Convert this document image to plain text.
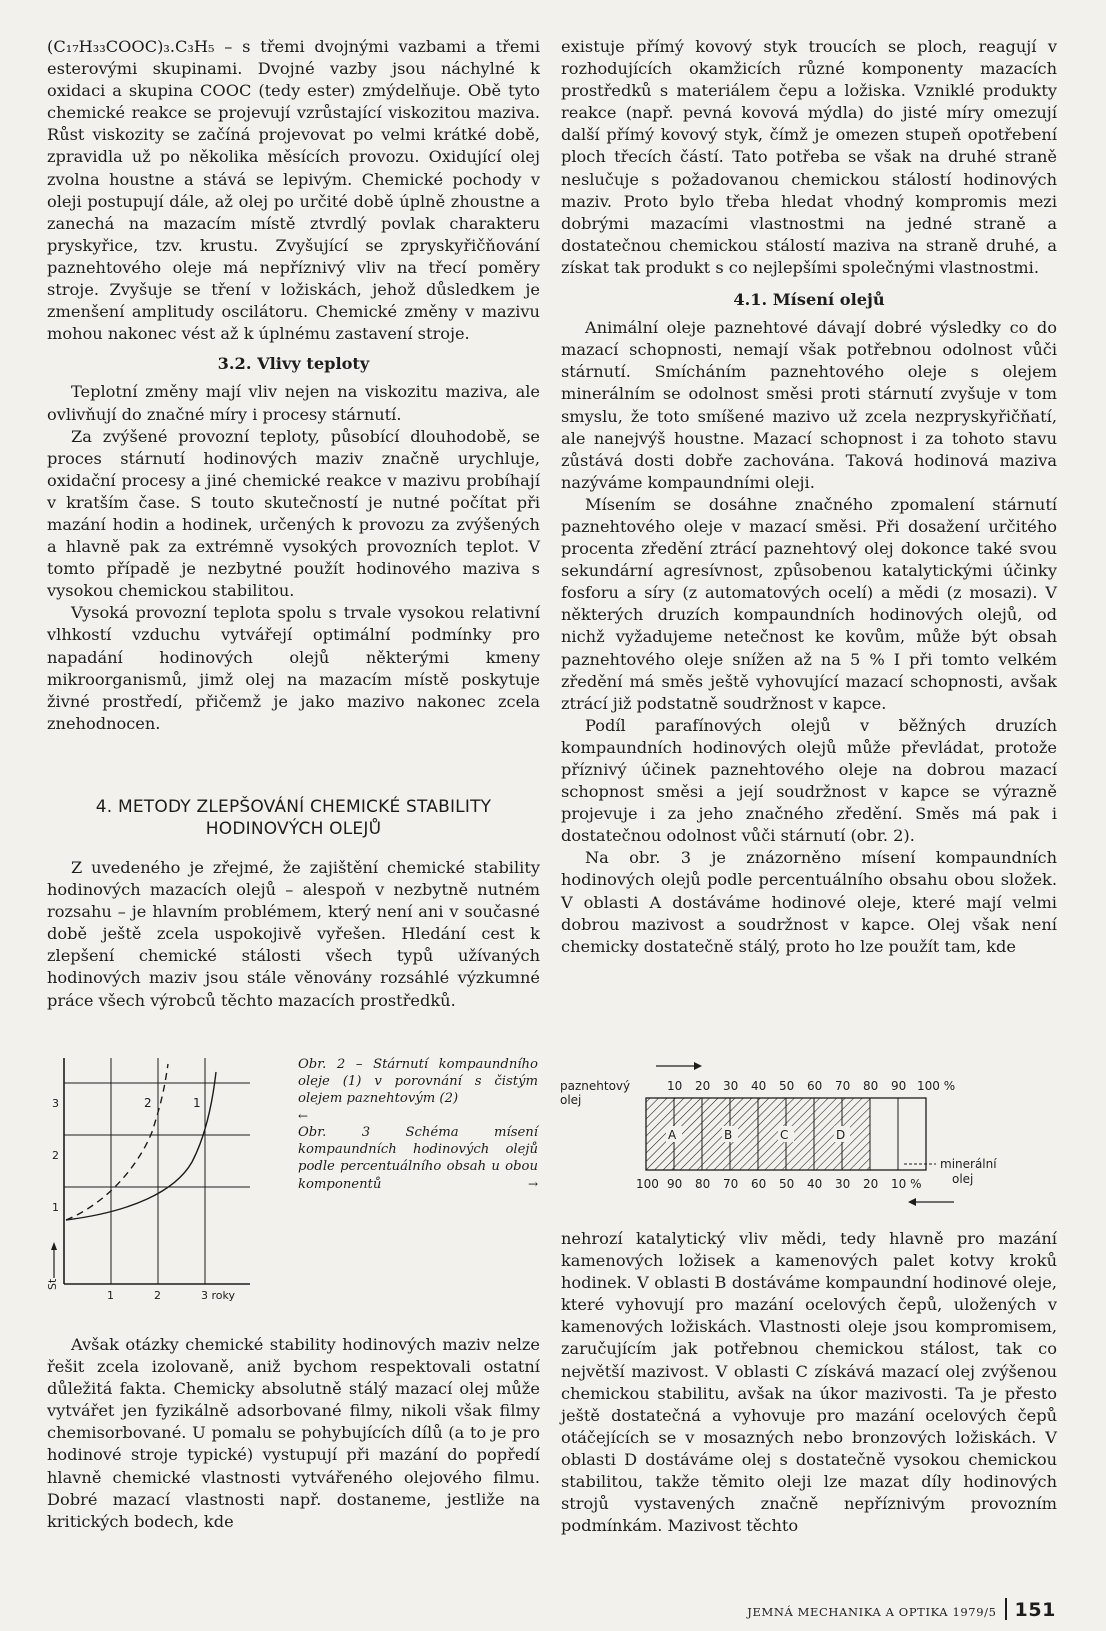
(C₁₇H₃₃COOC)₃.C₃H₅ – s třemi dvojnými vazbami a třemi esterovými skupinami. Dvojné vazby jsou náchylné k oxidaci a skupina COOC (tedy ester) zmýdelňuje. Obě tyto chemické reakce se projevují vzrůstající viskozitou maziva. Růst viskozity se začíná projevovat po velmi krátké době, zpravidla už po několika měsících provozu. Oxidující olej zvolna houstne a stává se lepivým. Chemické pochody v oleji postupují dále, až olej po určité době úplně zhoustne a zanechá na mazacím místě ztvrdlý povlak charakteru pryskyřice, tzv. krustu. Zvyšující se zpryskyřičňování paznehtového oleje má nepříznivý vliv na třecí poměry stroje. Zvyšuje se tření v ložiskách, jehož důsledkem je zmenšení amplitudy oscilátoru. Chemické změny v mazivu mohou nakonec vést až k úplnému zastavení stroje.

3.2. Vlivy teploty

Teplotní změny mají vliv nejen na viskozitu maziva, ale ovlivňují do značné míry i procesy stárnutí.

Za zvýšené provozní teploty, působící dlouhodobě, se proces stárnutí hodinových maziv značně urychluje, oxidační procesy a jiné chemické reakce v mazivu probíhají v kratším čase. S touto skutečností je nutné počítat při mazání hodin a hodinek, určených k provozu za zvýšených a hlavně pak za extrémně vysokých provozních teplot. V tomto případě je nezbytné použít hodinového maziva s vysokou chemickou stabilitou.

Vysoká provozní teplota spolu s trvale vysokou relativní vlhkostí vzduchu vytvářejí optimální podmínky pro napadání hodinových olejů některými kmeny mikroorganismů, jimž olej na mazacím místě poskytuje živné prostředí, přičemž je jako mazivo nakonec zcela znehodnocen.

4. METODY ZLEPŠOVÁNÍ CHEMICKÉ STABILITY
HODINOVÝCH OLEJŮ

Z uvedeného je zřejmé, že zajištění chemické stability hodinových mazacích olejů – alespoň v nezbytně nutném rozsahu – je hlavním problémem, který není ani v současné době ještě zcela uspokojivě vyřešen. Hledání cest k zlepšení chemické stálosti všech typů užívaných hodinových maziv jsou stále věnovány rozsáhlé výzkumné práce všech výrobců těchto mazacích prostředků.

1
2
3
1	2	3 roky
St
2	1
Obr. 2 – Stárnutí kompaundního oleje (1) v porovnání s čistým olejem paznehtovým (2)
←
Obr. 3 Schéma mísení kompaundních hodinových olejů podle percentuálního obsah u obou komponentů	→

Avšak otázky chemické stability hodinových maziv nelze řešit zcela izolovaně, aniž bychom respektovali ostatní důležitá fakta. Chemicky absolutně stálý mazací olej může vytvářet jen fyzikálně adsorbované filmy, nikoli však filmy chemisorbované. U pomalu se pohybujících dílů (a to je pro hodinové stroje typické) vystupují při mazání do popředí hlavně chemické vlastnosti vytvářeného olejového filmu. Dobré mazací vlastnosti např. dostaneme, jestliže na kritických bodech, kde

existuje přímý kovový styk troucích se ploch, reagují v rozhodujících okamžicích různé komponenty mazacích prostředků s materiálem čepu a ložiska. Vzniklé produkty reakce (např. pevná kovová mýdla) do jisté míry omezují další přímý kovový styk, čímž je omezen stupeň opotřebení ploch třecích částí. Tato potřeba se však na druhé straně neslučuje s požadovanou chemickou stálostí hodinových maziv. Proto bylo třeba hledat vhodný kompromis mezi dobrými mazacími vlastnostmi na jedné straně a dostatečnou chemickou stálostí maziva na straně druhé, a získat tak produkt s co nejlepšími společnými vlastnostmi.

4.1. Mísení olejů

Animální oleje paznehtové dávají dobré výsledky co do mazací schopnosti, nemají však potřebnou odolnost vůči stárnutí. Smícháním paznehtového oleje s olejem minerálním se odolnost směsi proti stárnutí zvyšuje v tom smyslu, že toto smíšené mazivo už zcela nezpryskyřičňatí, ale nanejvýš houstne. Mazací schopnost i za tohoto stavu zůstává dosti dobře zachována. Taková hodinová maziva nazýváme kompaundními oleji.

Mísením se dosáhne značného zpomalení stárnutí paznehtového oleje v mazací směsi. Při dosažení určitého procenta zředění ztrácí paznehtový olej dokonce také svou sekundární agresívnost, způsobenou katalytickými účinky fosforu a síry (z automatových ocelí) a mědi (z mosazi). V některých druzích kompaundních hodinových olejů, od nichž vyžadujeme netečnost ke kovům, může být obsah paznehtového oleje snížen až na 5 % I při tomto velkém zředění má směs ještě vyhovující mazací schopnosti, avšak ztrácí již podstatně soudržnost v kapce.

Podíl parafínových olejů v běžných druzích kompaundních hodinových olejů může převládat, protože příznivý účinek paznehtového oleje na dobrou mazací schopnost směsi a její soudržnost v kapce se výrazně projevuje i za jeho značného zředění. Směs má pak i dostatečnou odolnost vůči stárnutí (obr. 2).

Na obr. 3 je znázorněno mísení kompaundních hodinových olejů podle percentuálního obsahu obou složek. V oblasti A dostáváme hodinové oleje, které mají velmi dobrou mazivost a soudržnost v kapce. Olej však není chemicky dostatečně stálý, proto ho lze použít tam, kde

paznehtový
olej
A	B	C	D
10 20 30 40 50 60 70 80 90 100 %
100 90 80 70 60 50 40 30 20 10 %
minerální
olej

nehrozí katalytický vliv mědi, tedy hlavně pro mazání kamenových ložisek a kamenových palet kotvy kroků hodinek. V oblasti B dostáváme kompaundní hodinové oleje, které vyhovují pro mazání ocelových čepů, uložených v kamenových ložiskách. Vlastnosti oleje jsou kompromisem, zaručujícím jak potřebnou chemickou stálost, tak co největší mazivost. V oblasti C získává mazací olej zvýšenou chemickou stabilitu, avšak na úkor mazivosti. Ta je přesto ještě dostatečná a vyhovuje pro mazání ocelových čepů otáčejících se v mosazných nebo bronzových ložiskách. V oblasti D dostáváme olej s dostatečně vysokou chemickou stabilitou, takže těmito oleji lze mazat díly hodinových strojů vystavených značně nepříznivým provozním podmínkám. Mazivost těchto

JEMNÁ MECHANIKA A OPTIKA 1979/5 151
